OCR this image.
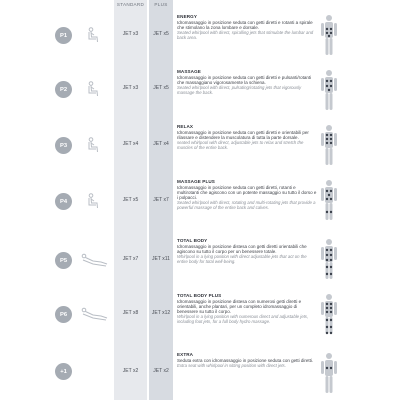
STANDARD	PLUS
P1	JET x3	JET x5
ENERGY
Idromassaggio in posizione seduta con getti diretti e rotanti a spirale che stimolano la zona lombare e dorsale.
Seated whirlpool with direct, spiralling jets that stimulate the lumbar and back area.
P2	JET x3	JET x5
MASSAGE
Idromassaggio in posizione seduta con getti diretti e pulsanti/rotanti che massaggiano vigorosamente la schiena.
Seated whirlpool with direct, pulsating/rotating jets that vigorously massage the back.
P3	JET x4	JET x4
RELAX
Idromassaggio in posizione seduta con getti diretti e orientabili per rilassare e distendere la muscolatura di tutta la parte dorsale.
seated whirlpool with direct, adjustable jets to relax and stretch the muscles of the entire back.
P4	JET x5	JET x7
MASSAGE PLUS
Idromassaggio in posizione seduta con getti diretti, rotanti e multirotanti che agiscono con un potente massaggio su tutto il dorso e i polpacci.
Seated whirlpool with direct, rotating and multi-rotating jets that provide a powerful massage of the entire back and calves.
P5	JET x7	JET x11
TOTAL BODY
Idromassaggio in posizione distesa con getti diretti orientabili che agiscono su tutto il corpo per un benessere totale.
Whirlpool in a lying position with direct adjustable jets that act on the entire body for total well-being.
P6	JET x8	JET x12
TOTAL BODY PLUS
Idromassaggio in posizione distesa con numerosi getti diretti e orientabili, anche plantari, per un completo idromassaggio di benessere su tutto il corpo.
Whirlpool in a lying position with numerous direct and adjustable jets, including foot jets, for a full body hydro massage.
+1	JET x2	JET x2
EXTRA
Seduta extra con idromassaggio in posizione seduta con getti diretti.
Extra seat with whirlpool in sitting position with direct jets.
